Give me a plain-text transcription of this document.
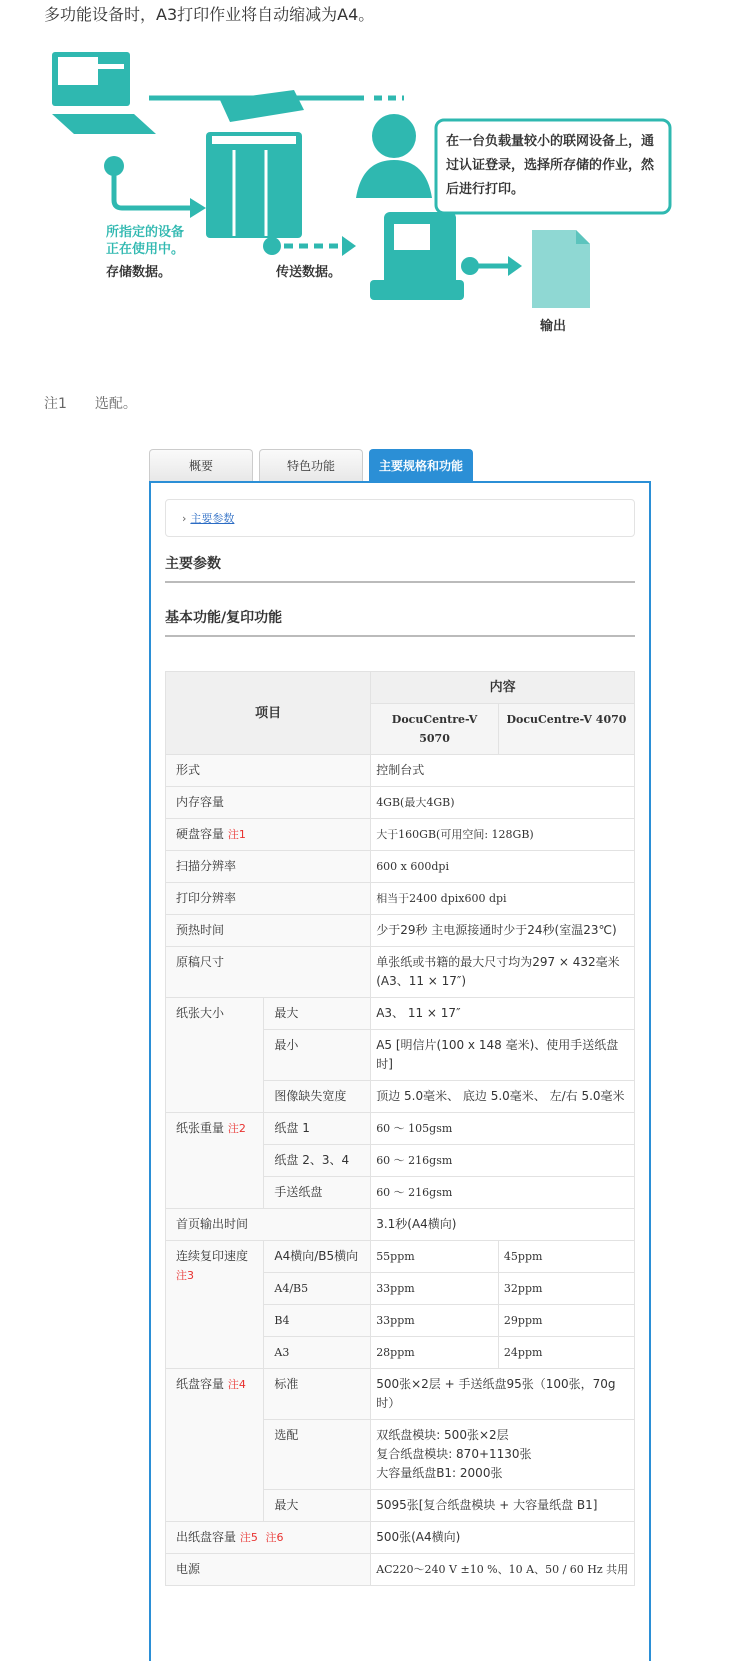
多功能设备时，A3打印作业将自动缩减为A4。
在一台负载量较小的联网设备上，通过认证登录，选择所存储的作业，然后进行打印。
所指定的设备
正在使用中。
存储数据。	传送数据。
输出
注1 选配。
概要	特色功能	主要规格和功能
› 主要参数
主要参数
基本功能/复印功能
项目		内容	
		DocuCentre-V 5070	DocuCentre-V 4070
形式		控制台式	
内存容量		4GB(最大4GB)	
硬盘容量 注1		大于160GB(可用空间: 128GB)	
扫描分辨率		600 x 600dpi	
打印分辨率		相当于2400 dpix600 dpi	
预热时间		少于29秒 主电源接通时少于24秒(室温23℃)	
原稿尺寸		单张纸或书籍的最大尺寸均为297 × 432毫米(A3、11 × 17″)	
纸张大小	最大	A3、 11 × 17″	
	最小	A5 [明信片(100 x 148 毫米)、使用手送纸盘时]	
	图像缺失宽度	顶边 5.0毫米、 底边 5.0毫米、 左/右 5.0毫米	
纸张重量 注2	纸盘 1	60 ～ 105gsm	
	纸盘 2、3、4	60 ～ 216gsm	
	手送纸盘	60 ～ 216gsm	
首页输出时间		3.1秒(A4横向)	
连续复印速度 注3	A4横向/B5横向	55ppm	45ppm
	A4/B5	33ppm	32ppm
	B4	33ppm	29ppm
	A3	28ppm	24ppm
纸盘容量 注4	标准	500张×2层 + 手送纸盘95张（100张，70g时）	
	选配	双纸盘模块: 500张×2层
复合纸盘模块: 870+1130张
大容量纸盘B1: 2000张	

	最大	5095张[复合纸盘模块 + 大容量纸盘 B1]	
出纸盘容量 注5 注6		500张(A4横向)	
电源		AC220～240 V ±10 %、10 A、50 / 60 Hz 共用	
